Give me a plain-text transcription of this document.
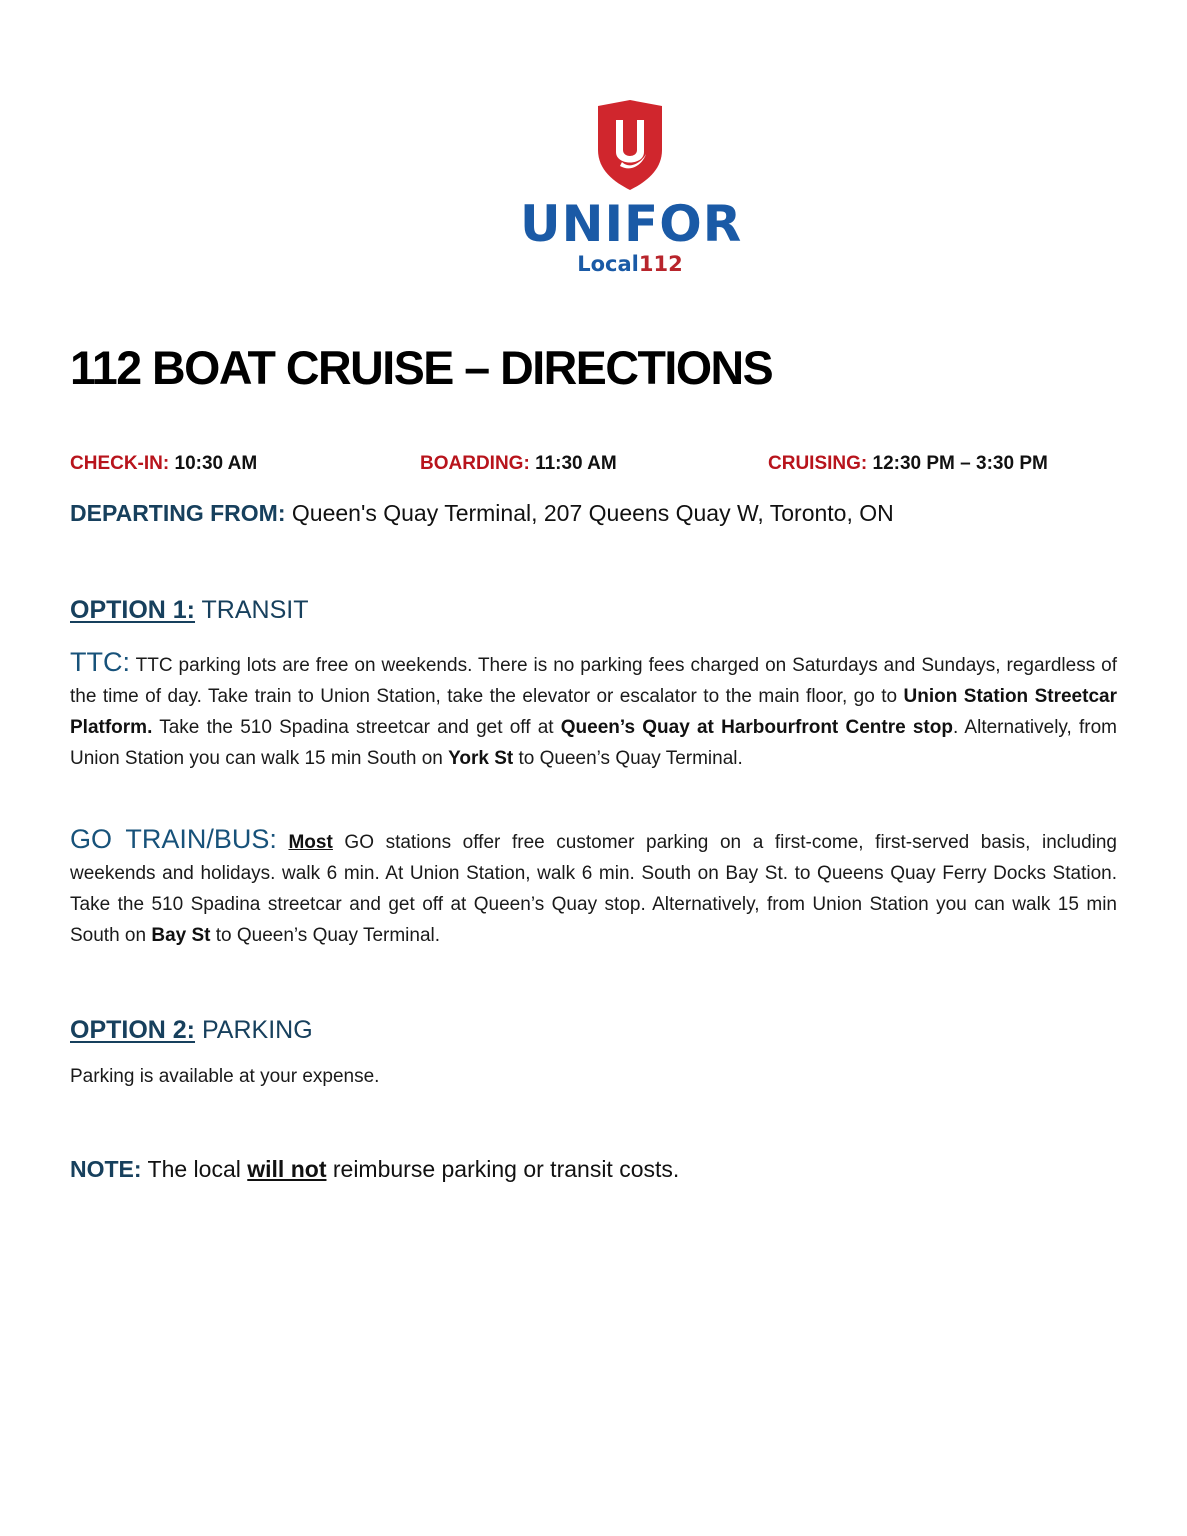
UNIFOR
Local112
112 BOAT CRUISE – DIRECTIONS
CHECK-IN: 10:30 AM	BOARDING: 11:30 AM	CRUISING: 12:30 PM – 3:30 PM
DEPARTING FROM: Queen's Quay Terminal, 207 Queens Quay W, Toronto, ON
OPTION 1: TRANSIT

TTC: TTC parking lots are free on weekends. There is no parking fees charged on Saturdays and Sundays, regardless of the time of day. Take train to Union Station, take the elevator or escalator to the main floor, go to Union Station Streetcar Platform. Take the 510 Spadina streetcar and get off at Queen’s Quay at Harbourfront Centre stop. Alternatively, from Union Station you can walk 15 min South on York St to Queen’s Quay Terminal.

GO TRAIN/BUS: Most GO stations offer free customer parking on a first-come, first-served basis, including weekends and holidays. walk 6 min. At Union Station, walk 6 min. South on Bay St. to Queens Quay Ferry Docks Station. Take the 510 Spadina streetcar and get off at Queen’s Quay stop. Alternatively, from Union Station you can walk 15 min South on Bay St to Queen’s Quay Terminal.

OPTION 2: PARKING

Parking is available at your expense.

NOTE: The local will not reimburse parking or transit costs.
